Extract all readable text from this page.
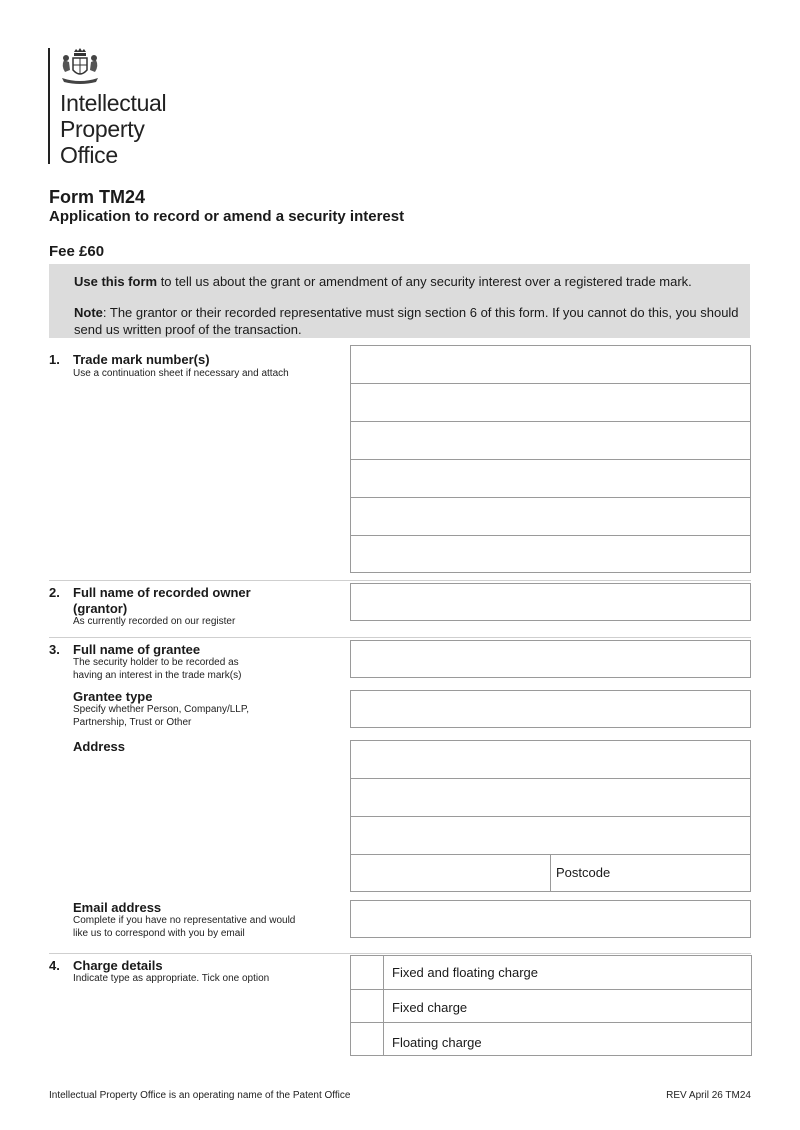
Intellectual
Property
Office
Form TM24
Application to record or amend a security interest
Fee £60

Use this form to tell us about the grant or amendment of any security interest over a registered trade mark.

Note: The grantor or their recorded representative must sign section 6 of this form. If you cannot do this, you should send us written proof of the transaction.

1. Trade mark number(s)
Use a continuation sheet if necessary and attach
2. Full name of recorded owner
(grantor)
As currently recorded on our register
3. Full name of grantee
The security holder to be recorded as
having an interest in the trade mark(s)
Grantee type
Specify whether Person, Company/LLP,
Partnership, Trust or Other
Address
Postcode
Email address
Complete if you have no representative and would
like us to correspond with you by email
4. Charge details
Indicate type as appropriate. Tick one option	Fixed and floating charge
Fixed charge
Floating charge
Intellectual Property Office is an operating name of the Patent Office	REV April 26 TM24
